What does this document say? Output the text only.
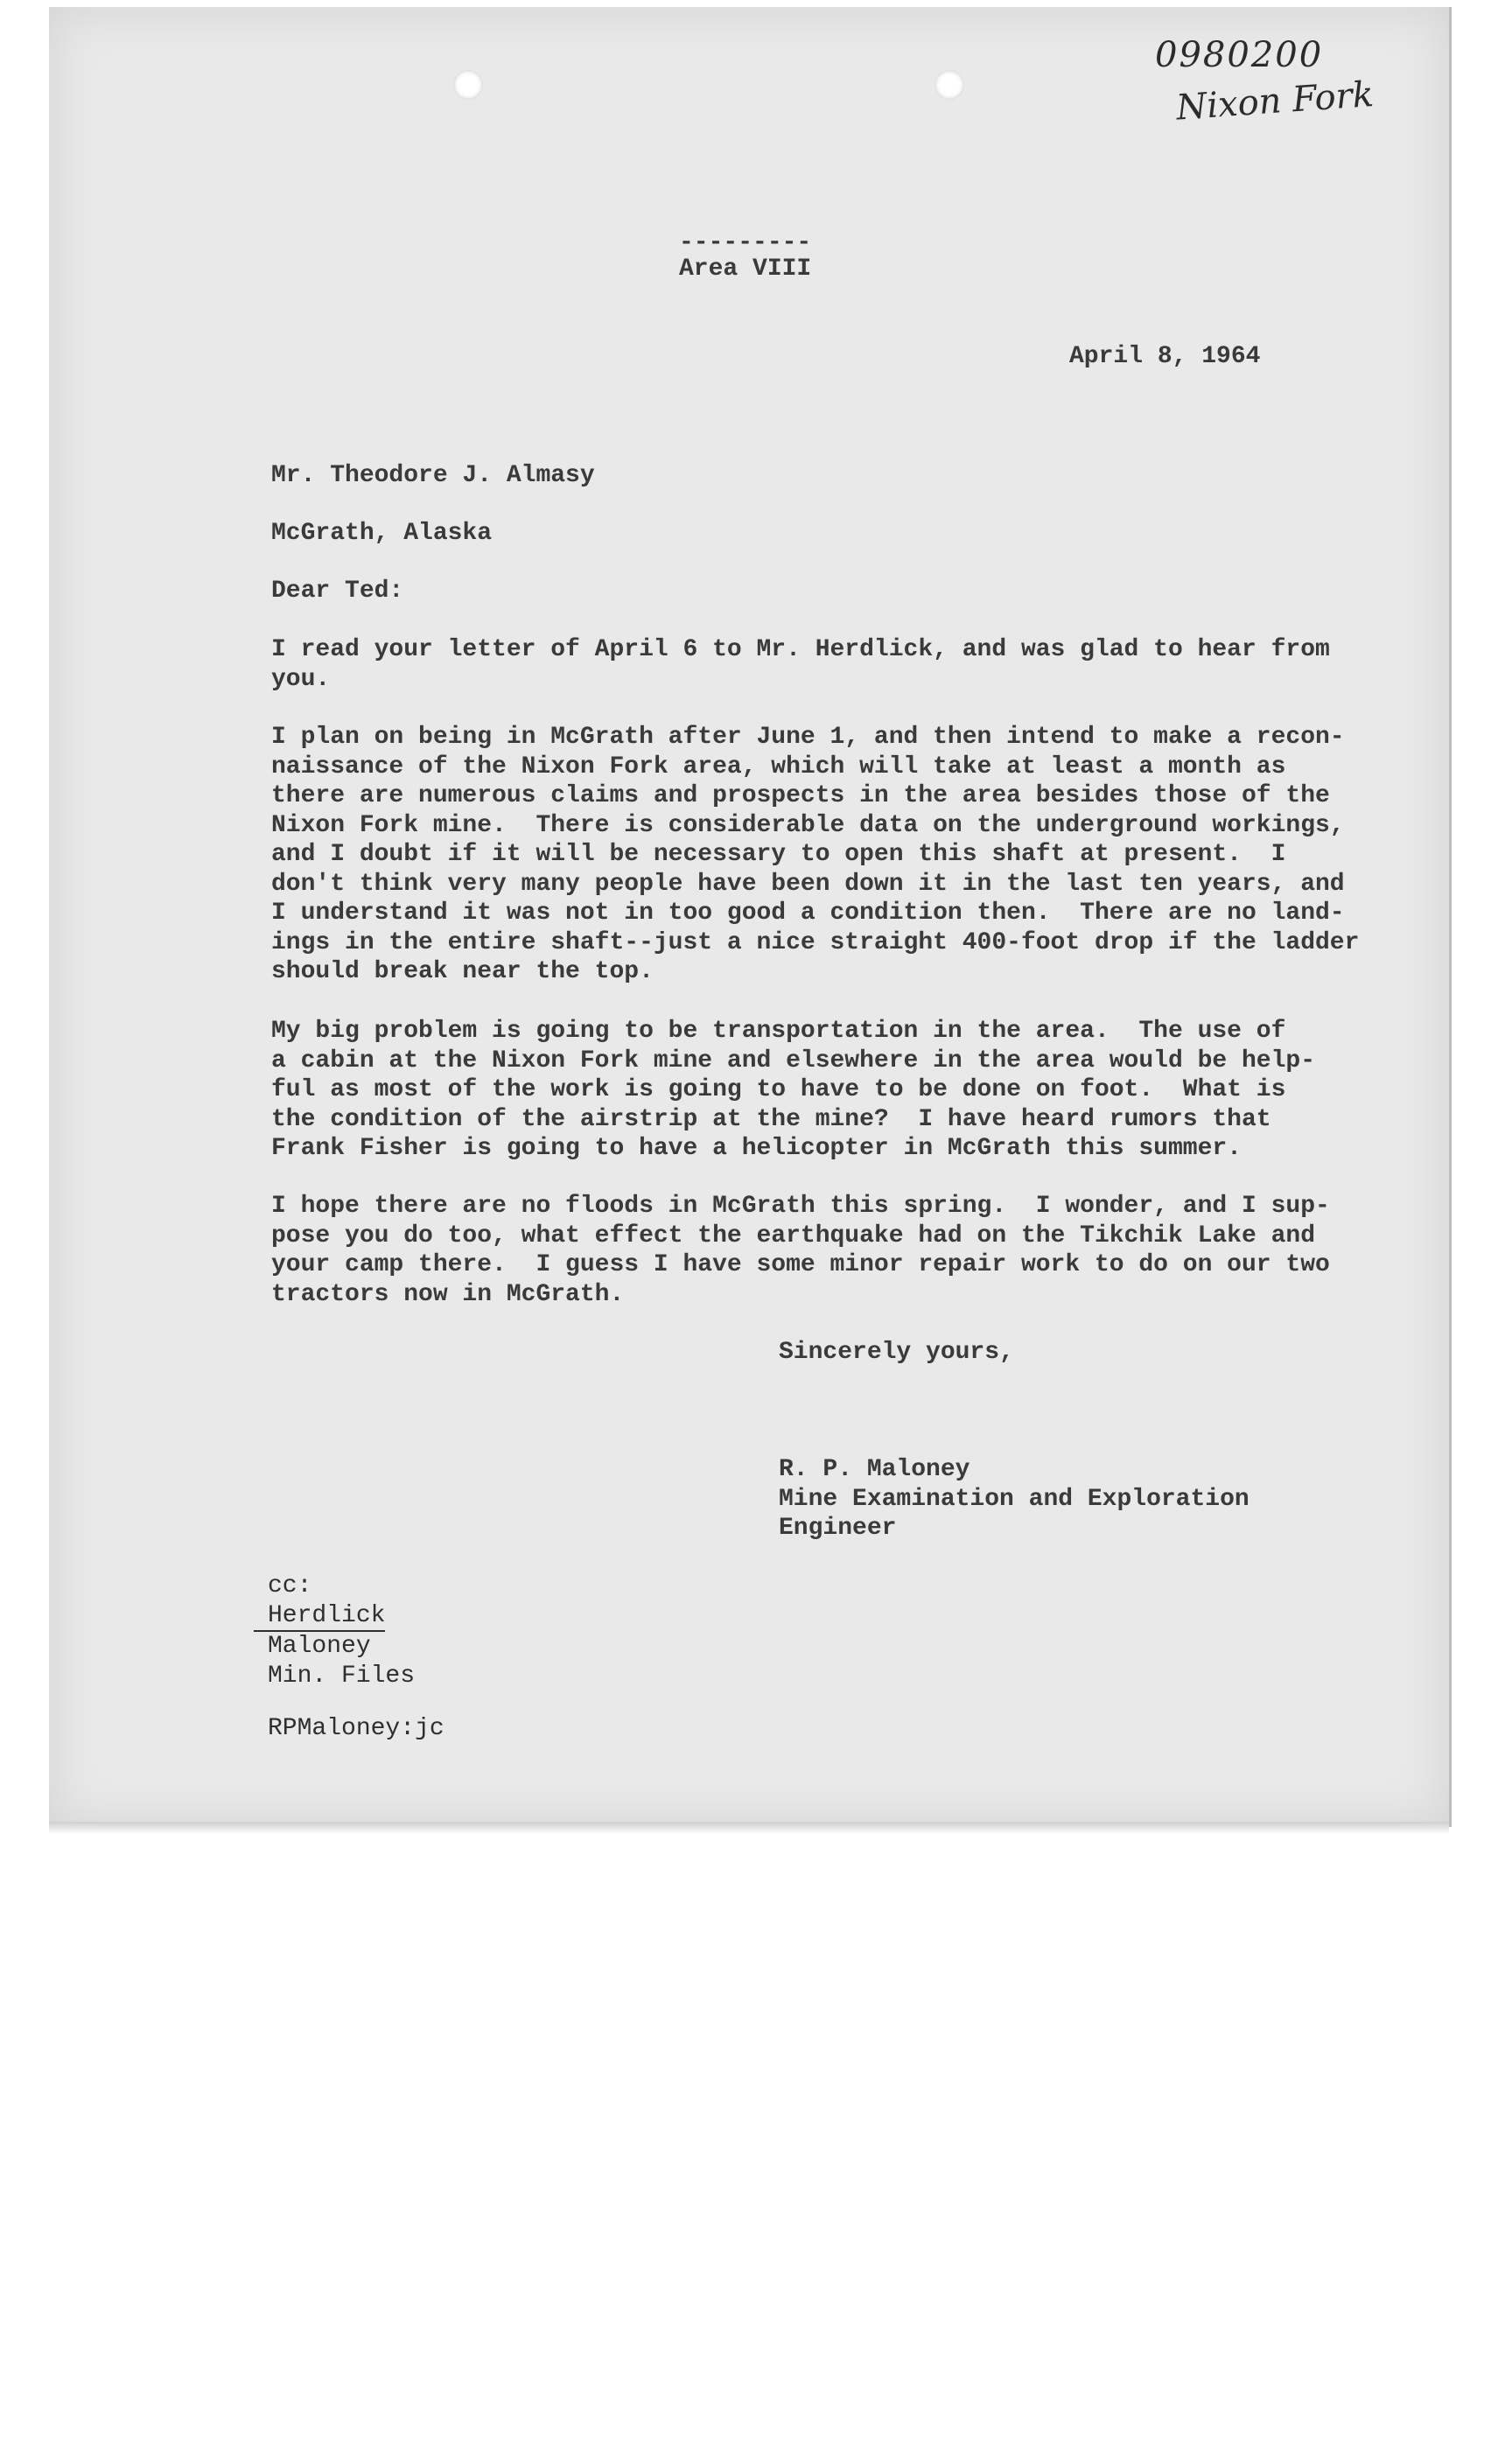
0980200
Nixon Fork
---------
Area VIII
April 8, 1964
Mr. Theodore J. Almasy
McGrath, Alaska
Dear Ted:
I read your letter of April 6 to Mr. Herdlick, and was glad to hear from
you.
I plan on being in McGrath after June 1, and then intend to make a recon-
naissance of the Nixon Fork area, which will take at least a month as
there are numerous claims and prospects in the area besides those of the
Nixon Fork mine.  There is considerable data on the underground workings,
and I doubt if it will be necessary to open this shaft at present.  I
don't think very many people have been down it in the last ten years, and
I understand it was not in too good a condition then.  There are no land-
ings in the entire shaft--just a nice straight 400-foot drop if the ladder
should break near the top.
My big problem is going to be transportation in the area.  The use of
a cabin at the Nixon Fork mine and elsewhere in the area would be help-
ful as most of the work is going to have to be done on foot.  What is
the condition of the airstrip at the mine?  I have heard rumors that
Frank Fisher is going to have a helicopter in McGrath this summer.
I hope there are no floods in McGrath this spring.  I wonder, and I sup-
pose you do too, what effect the earthquake had on the Tikchik Lake and
your camp there.  I guess I have some minor repair work to do on our two
tractors now in McGrath.
Sincerely yours,
R. P. Maloney
Mine Examination and Exploration
Engineer
cc:
Herdlick
Maloney
Min. Files
RPMaloney:jc
